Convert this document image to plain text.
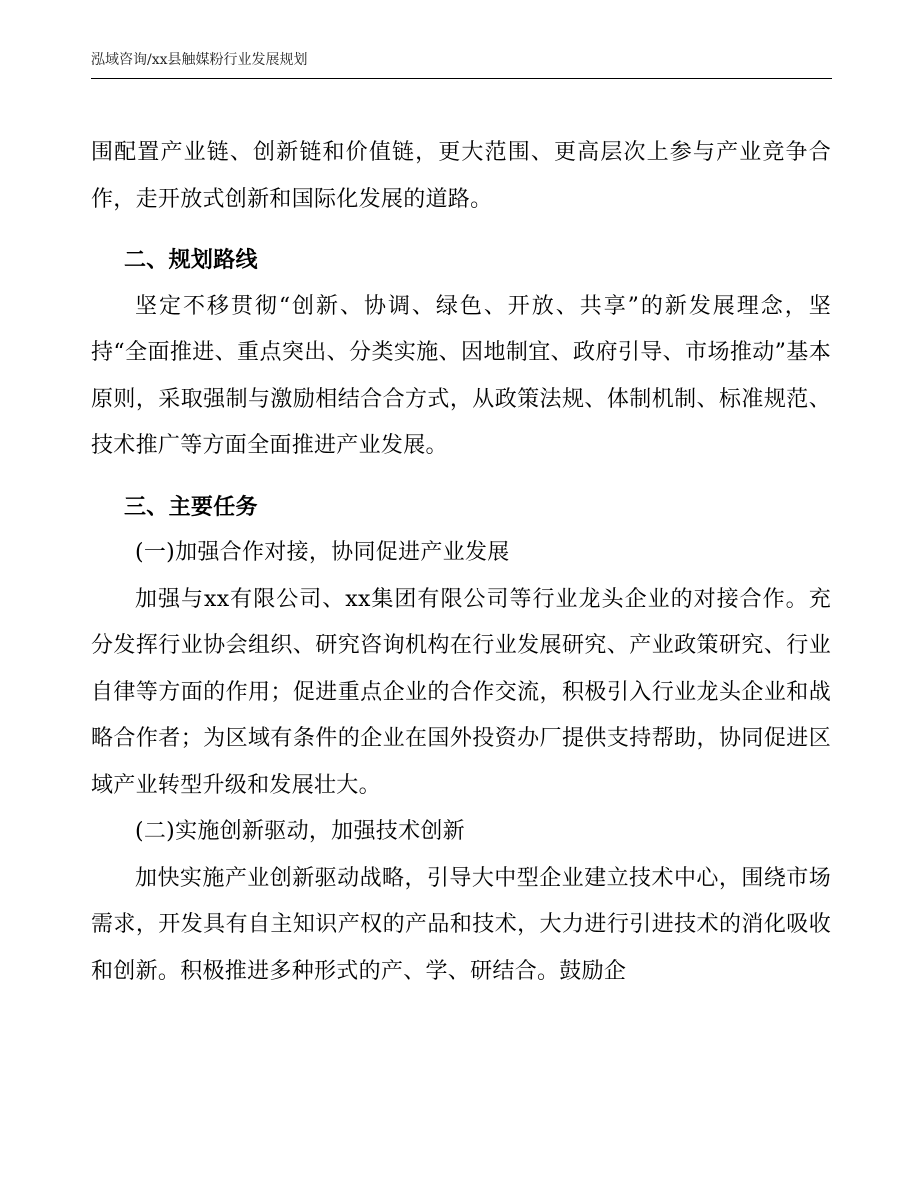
泓域咨询/xx县触媒粉行业发展规划

围配置产业链、创新链和价值链，更大范围、更高层次上参与产业竞争合作，走开放式创新和国际化发展的道路。

二、规划路线

坚定不移贯彻“创新、协调、绿色、开放、共享”的新发展理念，坚持“全面推进、重点突出、分类实施、因地制宜、政府引导、市场推动”基本原则，采取强制与激励相结合合方式，从政策法规、体制机制、标准规范、技术推广等方面全面推进产业发展。

三、主要任务

(一)加强合作对接，协同促进产业发展

加强与xx有限公司、xx集团有限公司等行业龙头企业的对接合作。充分发挥行业协会组织、研究咨询机构在行业发展研究、产业政策研究、行业自律等方面的作用；促进重点企业的合作交流，积极引入行业龙头企业和战略合作者；为区域有条件的企业在国外投资办厂提供支持帮助，协同促进区域产业转型升级和发展壮大。

(二)实施创新驱动，加强技术创新

加快实施产业创新驱动战略，引导大中型企业建立技术中心，围绕市场需求，开发具有自主知识产权的产品和技术，大力进行引进技术的消化吸收和创新。积极推进多种形式的产、学、研结合。鼓励企
